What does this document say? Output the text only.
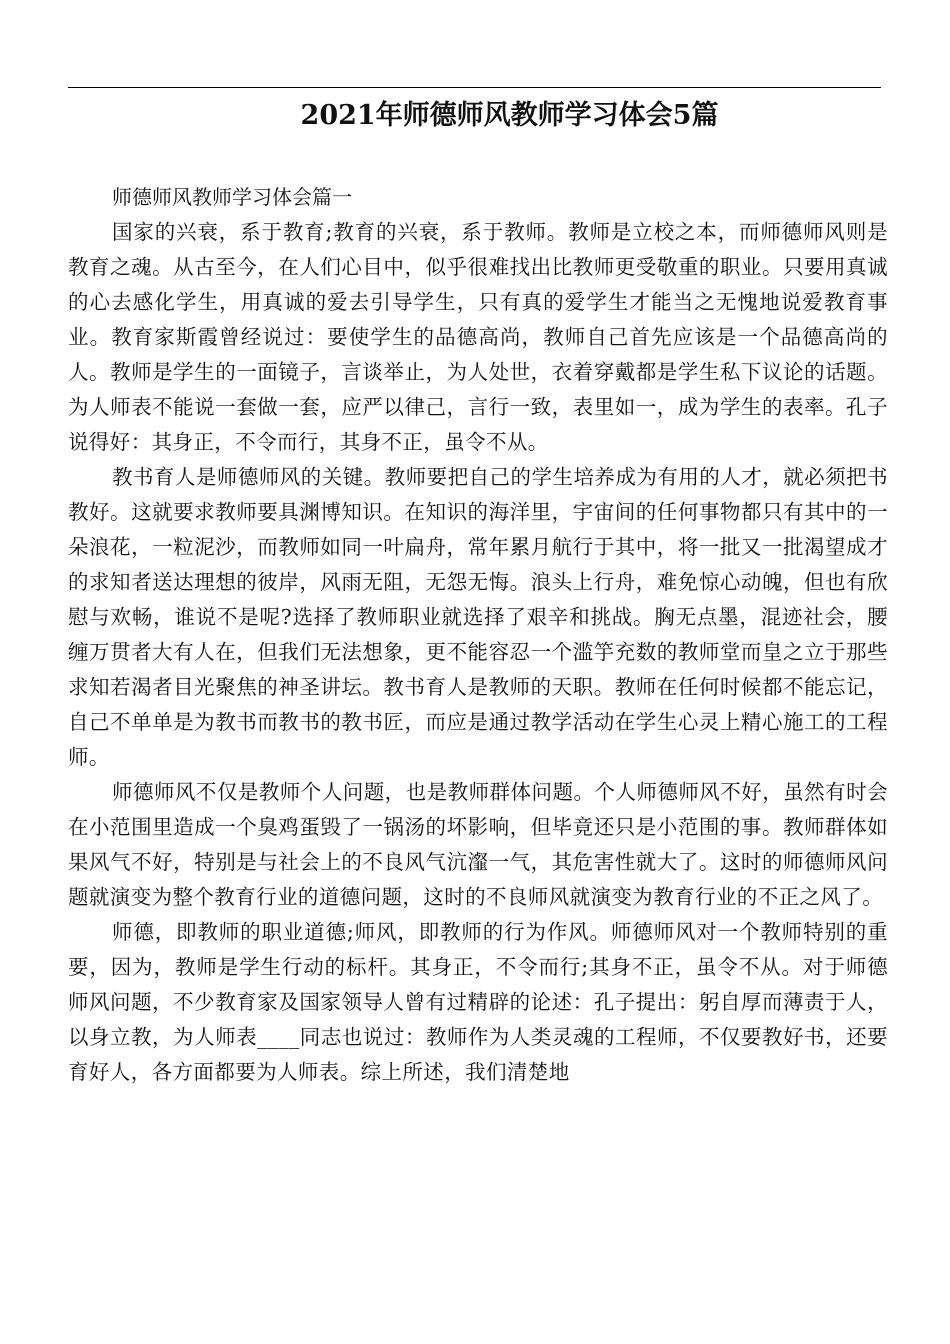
2021年师德师风教师学习体会5篇

师德师风教师学习体会篇一

国家的兴衰，系于教育;教育的兴衰，系于教师。教师是立校之本，而师德师风则是教育之魂。从古至今，在人们心目中，似乎很难找出比教师更受敬重的职业。只要用真诚的心去感化学生，用真诚的爱去引导学生，只有真的爱学生才能当之无愧地说爱教育事业。教育家斯霞曾经说过：要使学生的品德高尚，教师自己首先应该是一个品德高尚的人。教师是学生的一面镜子，言谈举止，为人处世，衣着穿戴都是学生私下议论的话题。为人师表不能说一套做一套，应严以律己，言行一致，表里如一，成为学生的表率。孔子说得好：其身正，不令而行，其身不正，虽令不从。

教书育人是师德师风的关键。教师要把自己的学生培养成为有用的人才，就必须把书教好。这就要求教师要具渊博知识。在知识的海洋里，宇宙间的任何事物都只有其中的一朵浪花，一粒泥沙，而教师如同一叶扁舟，常年累月航行于其中，将一批又一批渴望成才的求知者送达理想的彼岸，风雨无阻，无怨无悔。浪头上行舟，难免惊心动魄，但也有欣慰与欢畅，谁说不是呢?选择了教师职业就选择了艰辛和挑战。胸无点墨，混迹社会，腰缠万贯者大有人在，但我们无法想象，更不能容忍一个滥竽充数的教师堂而皇之立于那些求知若渴者目光聚焦的神圣讲坛。教书育人是教师的天职。教师在任何时候都不能忘记，自己不单单是为教书而教书的教书匠，而应是通过教学活动在学生心灵上精心施工的工程师。

师德师风不仅是教师个人问题，也是教师群体问题。个人师德师风不好，虽然有时会在小范围里造成一个臭鸡蛋毁了一锅汤的坏影响，但毕竟还只是小范围的事。教师群体如果风气不好，特别是与社会上的不良风气沆瀣一气，其危害性就大了。这时的师德师风问题就演变为整个教育行业的道德问题，这时的不良师风就演变为教育行业的不正之风了。

师德，即教师的职业道德;师风，即教师的行为作风。师德师风对一个教师特别的重要，因为，教师是学生行动的标杆。其身正，不令而行;其身不正，虽令不从。对于师德师风问题，不少教育家及国家领导人曾有过精辟的论述：孔子提出：躬自厚而薄责于人，以身立教，为人师表____同志也说过：教师作为人类灵魂的工程师，不仅要教好书，还要育好人，各方面都要为人师表。综上所述，我们清楚地
